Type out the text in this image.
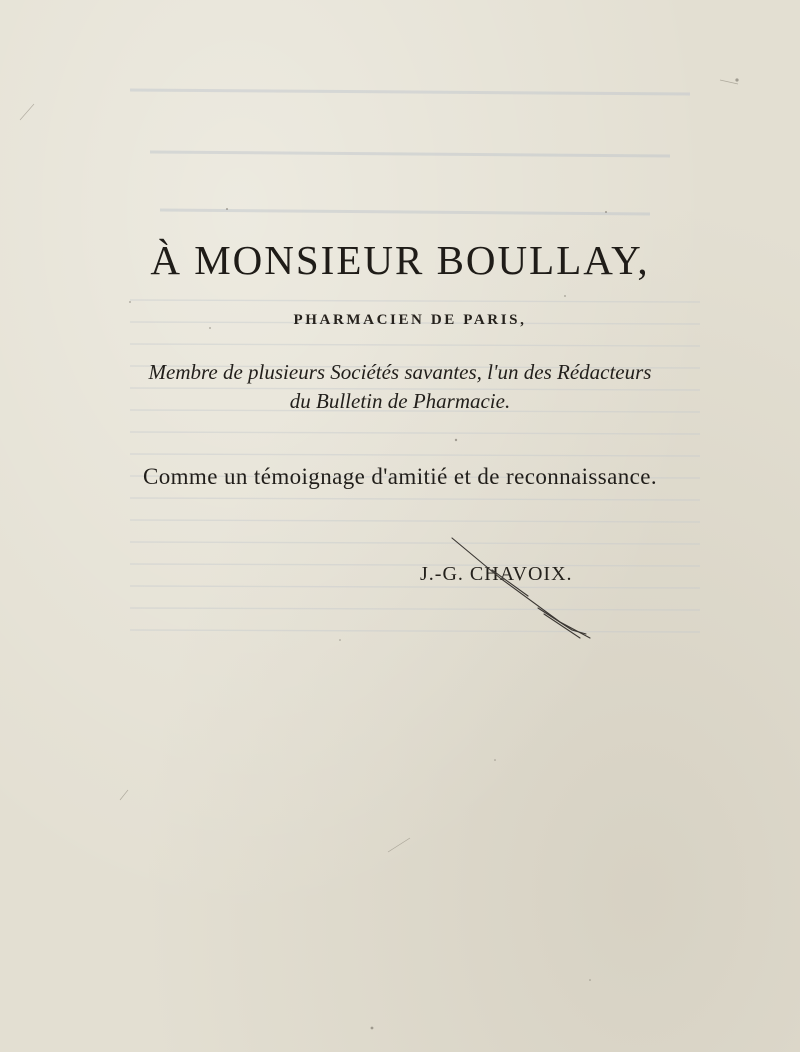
À MONSIEUR BOULLAY,
PHARMACIEN DE PARIS,
Membre de plusieurs Sociétés savantes, l'un des Rédacteurs
du Bulletin de Pharmacie.
Comme un témoignage d'amitié et de reconnaissance.
J.-G. CHAVOIX.
